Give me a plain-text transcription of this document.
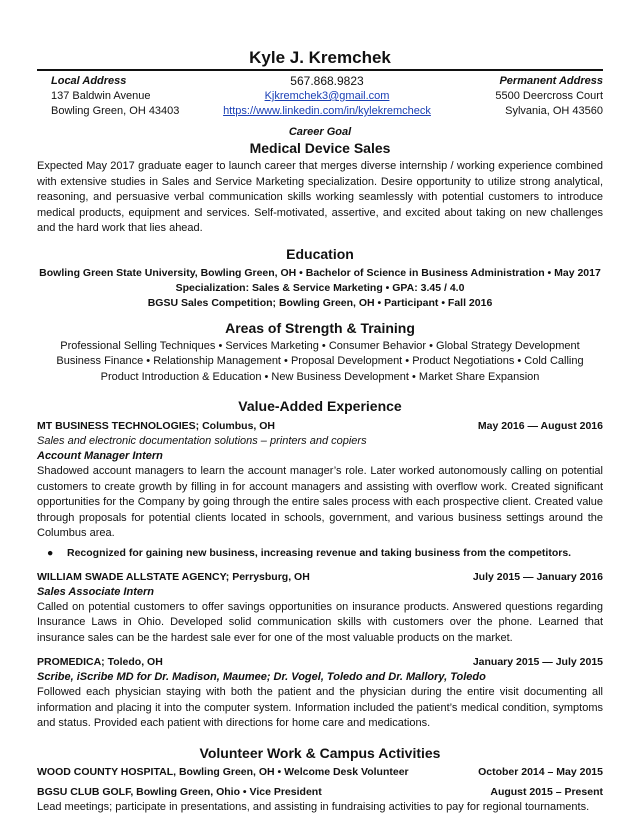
Kyle J. Kremchek
Local Address
137 Baldwin Avenue
Bowling Green, OH 43403
567.868.9823
Kjkremchek3@gmail.com
https://www.linkedin.com/in/kylekremcheck
Permanent Address
5500 Deercross Court
Sylvania, OH 43560
Career Goal
Medical Device Sales
Expected May 2017 graduate eager to launch career that merges diverse internship / working experience combined with extensive studies in Sales and Service Marketing specialization. Desire opportunity to utilize strong analytical, reasoning, and persuasive verbal communication skills working seamlessly with potential customers to introduce medical products, equipment and services. Self-motivated, assertive, and excited about taking on new challenges and the hard work that lies ahead.
Education
Bowling Green State University, Bowling Green, OH • Bachelor of Science in Business Administration • May 2017
Specialization: Sales & Service Marketing • GPA: 3.45 / 4.0
BGSU Sales Competition; Bowling Green, OH • Participant • Fall 2016
Areas of Strength & Training
Professional Selling Techniques • Services Marketing • Consumer Behavior • Global Strategy Development
Business Finance • Relationship Management • Proposal Development • Product Negotiations • Cold Calling
Product Introduction & Education • New Business Development • Market Share Expansion
Value-Added Experience
MT BUSINESS TECHNOLOGIES; Columbus, OH	May 2016 — August 2016
Sales and electronic documentation solutions – printers and copiers
Account Manager Intern
Shadowed account managers to learn the account manager’s role. Later worked autonomously calling on potential customers to create growth by filling in for account managers and assisting with overflow work. Created significant opportunities for the Company by going through the entire sales process with each prospective client. Created value through proposals for potential clients located in schools, government, and various business settings around the Columbus area.
●	Recognized for gaining new business, increasing revenue and taking business from the competitors.
WILLIAM SWADE ALLSTATE AGENCY; Perrysburg, OH	July 2015 — January 2016
Sales Associate Intern
Called on potential customers to offer savings opportunities on insurance products. Answered questions regarding Insurance Laws in Ohio. Developed solid communication skills with customers over the phone. Learned that insurance sales can be the hardest sale ever for one of the most valuable products on the market.
PROMEDICA; Toledo, OH	January 2015 — July 2015
Scribe, iScribe MD for Dr. Madison, Maumee; Dr. Vogel, Toledo and Dr. Mallory, Toledo
Followed each physician staying with both the patient and the physician during the entire visit documenting all information and placing it into the computer system. Information included the patient’s medical condition, symptoms and status. Provided each patient with directions for home care and medications.
Volunteer Work & Campus Activities
WOOD COUNTY HOSPITAL, Bowling Green, OH • Welcome Desk Volunteer	October 2014 – May 2015
BGSU CLUB GOLF, Bowling Green, Ohio • Vice President	August 2015 – Present
Lead meetings; participate in presentations, and assisting in fundraising activities to pay for regional tournaments.
